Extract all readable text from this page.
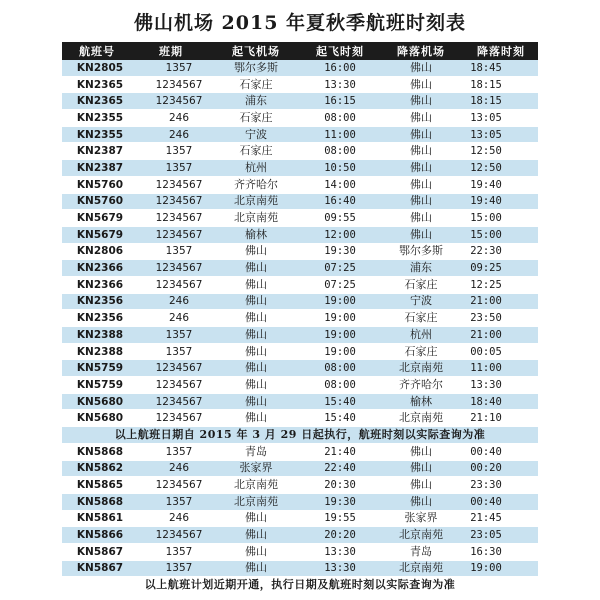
佛山机场 2015 年夏秋季航班时刻表
航班号	班期	起飞机场	起飞时刻	降落机场	降落时刻
KN2805	1357	鄂尔多斯	16:00	佛山	18:45
KN2365	1234567	石家庄	13:30	佛山	18:15
KN2365	1234567	浦东	16:15	佛山	18:15
KN2355	246	石家庄	08:00	佛山	13:05
KN2355	246	宁波	11:00	佛山	13:05
KN2387	1357	石家庄	08:00	佛山	12:50
KN2387	1357	杭州	10:50	佛山	12:50
KN5760	1234567	齐齐哈尔	14:00	佛山	19:40
KN5760	1234567	北京南苑	16:40	佛山	19:40
KN5679	1234567	北京南苑	09:55	佛山	15:00
KN5679	1234567	榆林	12:00	佛山	15:00
KN2806	1357	佛山	19:30	鄂尔多斯	22:30
KN2366	1234567	佛山	07:25	浦东	09:25
KN2366	1234567	佛山	07:25	石家庄	12:25
KN2356	246	佛山	19:00	宁波	21:00
KN2356	246	佛山	19:00	石家庄	23:50
KN2388	1357	佛山	19:00	杭州	21:00
KN2388	1357	佛山	19:00	石家庄	00:05
KN5759	1234567	佛山	08:00	北京南苑	11:00
KN5759	1234567	佛山	08:00	齐齐哈尔	13:30
KN5680	1234567	佛山	15:40	榆林	18:40
KN5680	1234567	佛山	15:40	北京南苑	21:10
以上航班日期自 2015 年 3 月 29 日起执行，航班时刻以实际查询为准					
KN5868	1357	青岛	21:40	佛山	00:40
KN5862	246	张家界	22:40	佛山	00:20
KN5865	1234567	北京南苑	20:30	佛山	23:30
KN5868	1357	北京南苑	19:30	佛山	00:40
KN5861	246	佛山	19:55	张家界	21:45
KN5866	1234567	佛山	20:20	北京南苑	23:05
KN5867	1357	佛山	13:30	青岛	16:30
KN5867	1357	佛山	13:30	北京南苑	19:00
以上航班计划近期开通，执行日期及航班时刻以实际查询为准					
